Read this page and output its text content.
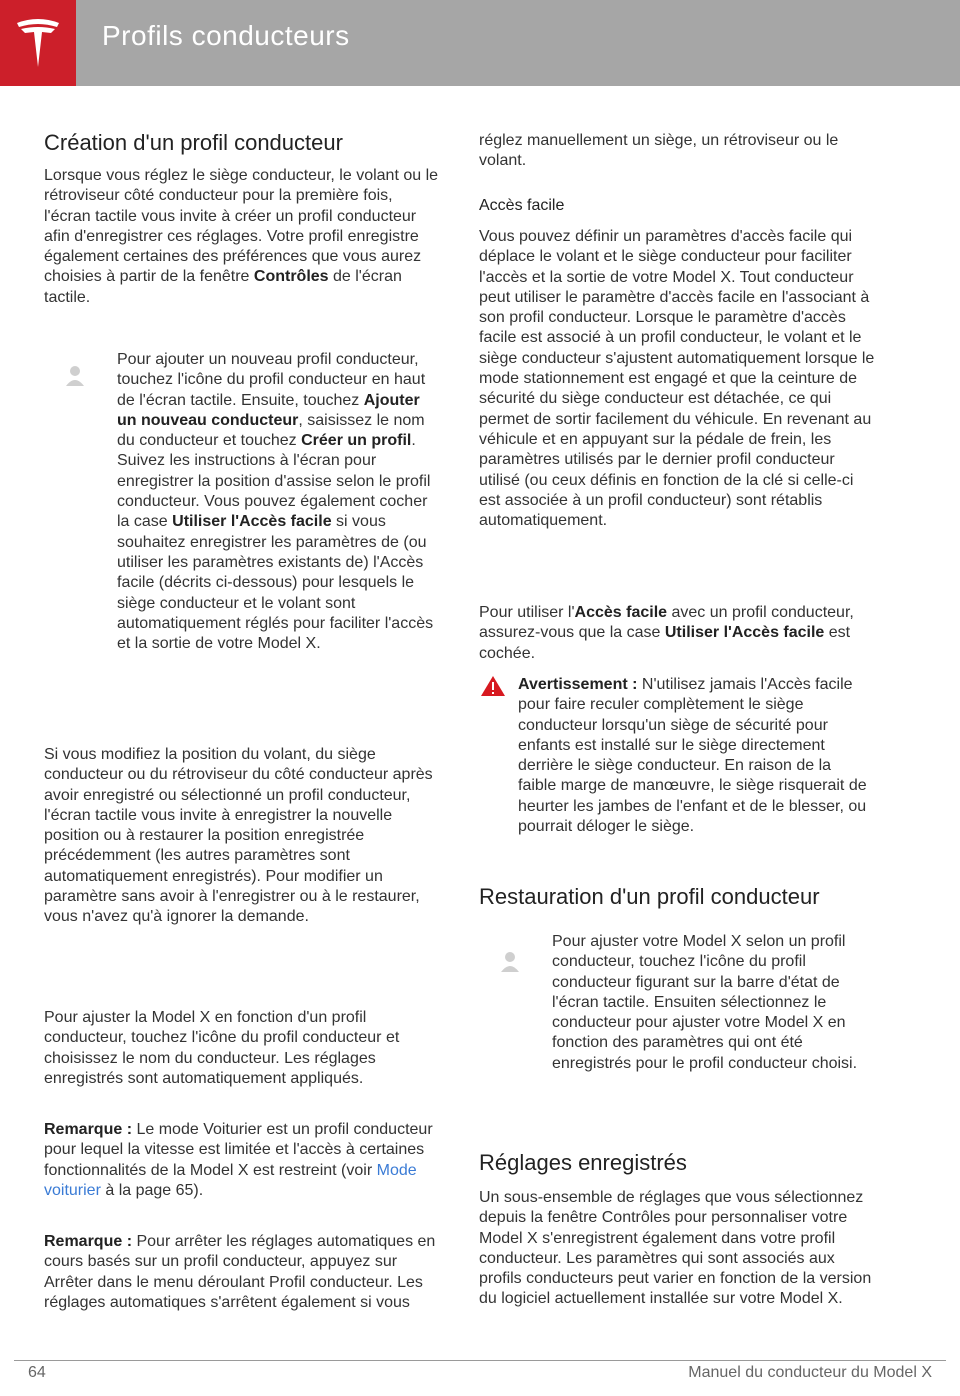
Profils conducteurs
Création d'un profil conducteur

Lorsque vous réglez le siège conducteur, le volant ou le rétroviseur côté conducteur pour la première fois, l'écran tactile vous invite à créer un profil conducteur afin d'enregistrer ces réglages. Votre profil enregistre également certaines des préférences que vous aurez choisies à partir de la fenêtre Contrôles de l'écran tactile.

Pour ajouter un nouveau profil conducteur, touchez l'icône du profil conducteur en haut de l'écran tactile. Ensuite, touchez Ajouter un nouveau conducteur, saisissez le nom du conducteur et touchez Créer un profil. Suivez les instructions à l'écran pour enregistrer la position d'assise selon le profil conducteur. Vous pouvez également cocher la case Utiliser l'Accès facile si vous souhaitez enregistrer les paramètres de (ou utiliser les paramètres existants de) l'Accès facile (décrits ci-dessous) pour lesquels le siège conducteur et le volant sont automatiquement réglés pour faciliter l'accès et la sortie de votre Model X.

Si vous modifiez la position du volant, du siège conducteur ou du rétroviseur du côté conducteur après avoir enregistré ou sélectionné un profil conducteur, l'écran tactile vous invite à enregistrer la nouvelle position ou à restaurer la position enregistrée précédemment (les autres paramètres sont automatiquement enregistrés). Pour modifier un paramètre sans avoir à l'enregistrer ou à le restaurer, vous n'avez qu'à ignorer la demande.

Pour ajuster la Model X en fonction d'un profil conducteur, touchez l'icône du profil conducteur et choisissez le nom du conducteur. Les réglages enregistrés sont automatiquement appliqués.

Remarque : Le mode Voiturier est un profil conducteur pour lequel la vitesse est limitée et l'accès à certaines fonctionnalités de la Model X est restreint (voir Mode voiturier à la page 65).

Remarque : Pour arrêter les réglages automatiques en cours basés sur un profil conducteur, appuyez sur Arrêter dans le menu déroulant Profil conducteur. Les réglages automatiques s'arrêtent également si vous

réglez manuellement un siège, un rétroviseur ou le volant.

Accès facile

Vous pouvez définir un paramètres d'accès facile qui déplace le volant et le siège conducteur pour faciliter l'accès et la sortie de votre Model X. Tout conducteur peut utiliser le paramètre d'accès facile en l'associant à son profil conducteur. Lorsque le paramètre d'accès facile est associé à un profil conducteur, le volant et le siège conducteur s'ajustent automatiquement lorsque le mode stationnement est engagé et que la ceinture de sécurité du siège conducteur est détachée, ce qui permet de sortir facilement du véhicule. En revenant au véhicule et en appuyant sur la pédale de frein, les paramètres utilisés par le dernier profil conducteur utilisé (ou ceux définis en fonction de la clé si celle-ci est associée à un profil conducteur) sont rétablis automatiquement.

Pour utiliser l'Accès facile avec un profil conducteur, assurez-vous que la case Utiliser l'Accès facile est cochée.

Avertissement : N'utilisez jamais l'Accès facile pour faire reculer complètement le siège conducteur lorsqu'un siège de sécurité pour enfants est installé sur le siège directement derrière le siège conducteur. En raison de la faible marge de manœuvre, le siège risquerait de heurter les jambes de l'enfant et de le blesser, ou pourrait déloger le siège.

Restauration d'un profil conducteur

Pour ajuster votre Model X selon un profil conducteur, touchez l'icône du profil conducteur figurant sur la barre d'état de l'écran tactile. Ensuiten sélectionnez le conducteur pour ajuster votre Model X en fonction des paramètres qui ont été enregistrés pour le profil conducteur choisi.

Réglages enregistrés

Un sous-ensemble de réglages que vous sélectionnez depuis la fenêtre Contrôles pour personnaliser votre Model X s'enregistrent également dans votre profil conducteur. Les paramètres qui sont associés aux profils conducteurs peut varier en fonction de la version du logiciel actuellement installée sur votre Model X.

64	Manuel du conducteur du Model X
